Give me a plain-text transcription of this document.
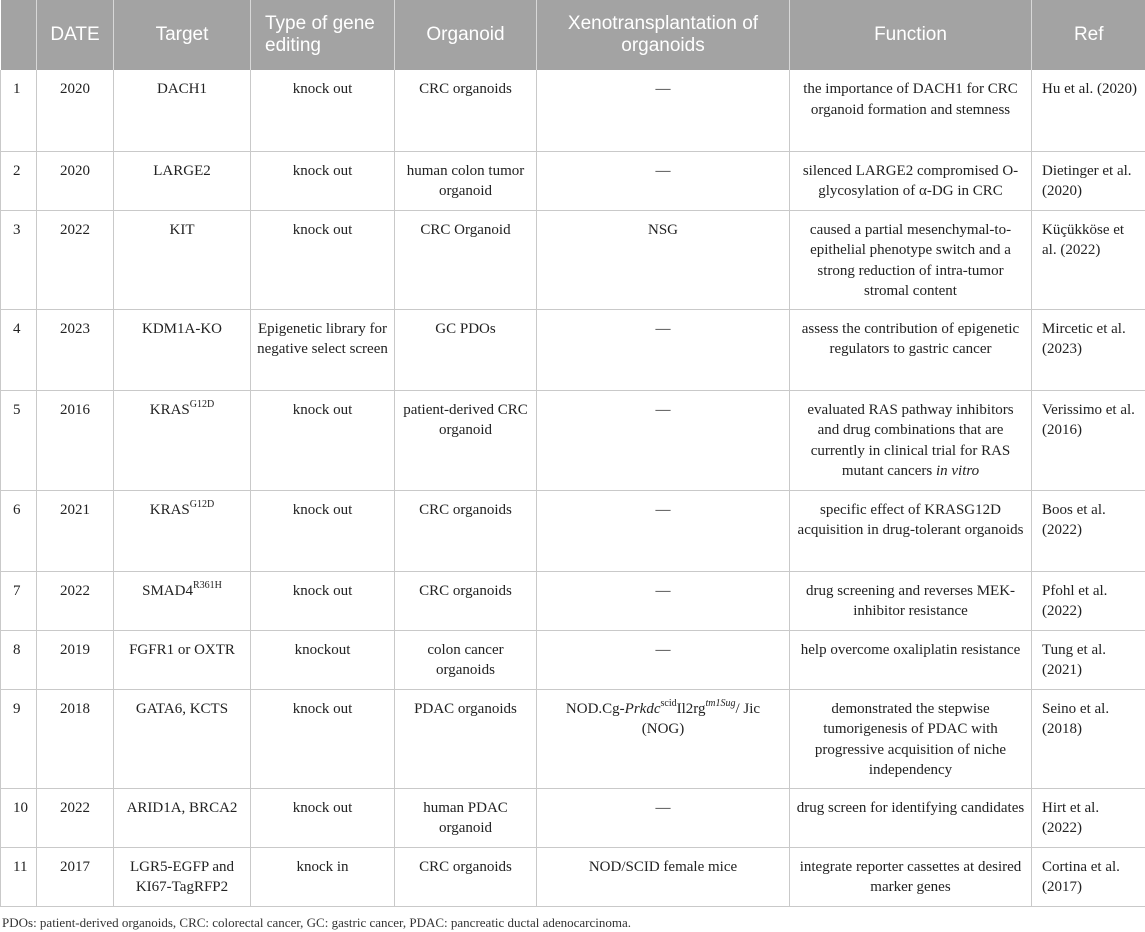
	DATE	Target	Type of gene editing	Organoid	Xenotransplantation of organoids	Function	Ref
1	2020	DACH1	knock out	CRC organoids	—	the importance of DACH1 for CRC organoid formation and stemness	Hu et al. (2020)
2	2020	LARGE2	knock out	human colon tumor organoid	—	silenced LARGE2 compromised O-glycosylation of α-DG in CRC	Dietinger et al. (2020)
3	2022	KIT	knock out	CRC Organoid	NSG	caused a partial mesenchymal-to-epithelial phenotype switch and a strong reduction of intra-tumor stromal content	Küçükköse et al. (2022)
4	2023	KDM1A-KO	Epigenetic library for negative select screen	GC PDOs	—	assess the contribution of epigenetic regulators to gastric cancer	Mircetic et al. (2023)
5	2016	$KRAS^{G12D}$	knock out	patient-derived CRC organoid	—	evaluated RAS pathway inhibitors and drug combinations that are currently in clinical trial for RAS mutant cancers in vitro	Verissimo et al. (2016)
6	2021	$KRAS^{G12D}$	knock out	CRC organoids	—	specific effect of KRASG12D acquisition in drug-tolerant organoids	Boos et al. (2022)
7	2022	$SMAD4^{R361H}$	knock out	CRC organoids	—	drug screening and reverses MEK-inhibitor resistance	Pfohl et al. (2022)
8	2019	FGFR1 or OXTR	knockout	colon cancer organoids	—	help overcome oxaliplatin resistance	Tung et al. (2021)
9	2018	GATA6, KCTS	knock out	PDAC organoids	$NOD.Cg-Prkdc^{scid}Il2rg^{tm1Sug}/$ Jic (NOG)	demonstrated the stepwise tumorigenesis of PDAC with progressive acquisition of niche independency	Seino et al. (2018)
10	2022	ARID1A, BRCA2	knock out	human PDAC organoid	—	drug screen for identifying candidates	Hirt et al. (2022)
11	2017	LGR5-EGFP and KI67-TagRFP2	knock in	CRC organoids	NOD/SCID female mice	integrate reporter cassettes at desired marker genes	Cortina et al. (2017)
PDOs: patient-derived organoids, CRC: colorectal cancer, GC: gastric cancer, PDAC: pancreatic ductal adenocarcinoma.
